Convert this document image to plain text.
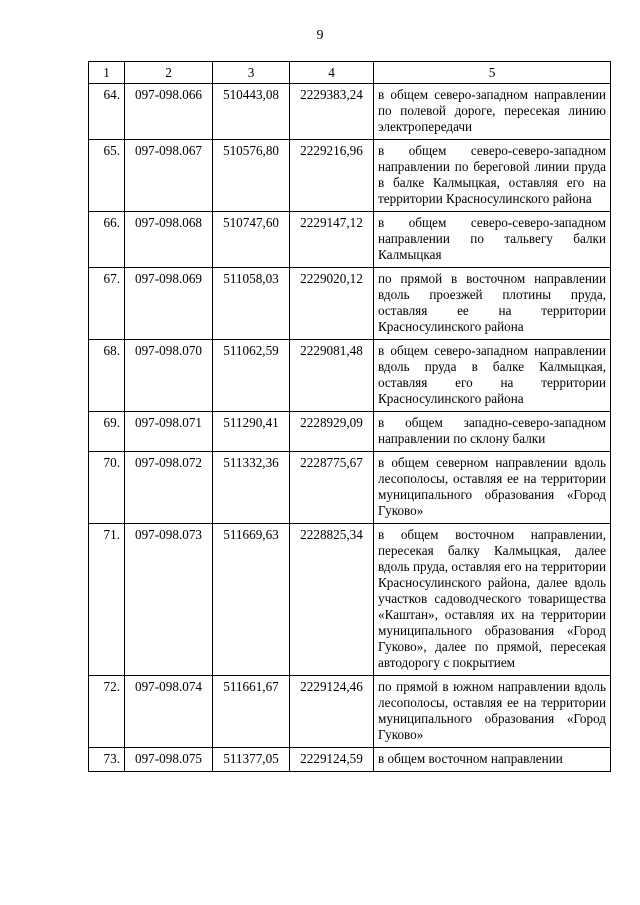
9
1	2	3	4	5
64.	097-098.066	510443,08	2229383,24	в общем северо-западном направлении по полевой дороге, пересекая линию электропередачи
65.	097-098.067	510576,80	2229216,96	в общем северо-северо-западном направлении по береговой линии пруда в балке Калмыцкая, оставляя его на территории Красносулинского района
66.	097-098.068	510747,60	2229147,12	в общем северо-северо-западном направлении по тальвегу балки Калмыцкая
67.	097-098.069	511058,03	2229020,12	по прямой в восточном направлении вдоль проезжей плотины пруда, оставляя ее на территории Красносулинского района
68.	097-098.070	511062,59	2229081,48	в общем северо-западном направлении вдоль пруда в балке Калмыцкая, оставляя его на территории Красносулинского района
69.	097-098.071	511290,41	2228929,09	в общем западно-северо-западном направлении по склону балки
70.	097-098.072	511332,36	2228775,67	в общем северном направлении вдоль лесополосы, оставляя ее на территории муниципального образования «Город Гуково»
71.	097-098.073	511669,63	2228825,34	в общем восточном направлении, пересекая балку Калмыцкая, далее вдоль пруда, оставляя его на территории Красносулинского района, далее вдоль участков садоводческого товарищества «Каштан», оставляя их на территории муниципального образования «Город Гуково», далее по прямой, пересекая автодорогу с покрытием
72.	097-098.074	511661,67	2229124,46	по прямой в южном направлении вдоль лесополосы, оставляя ее на территории муниципального образования «Город Гуково»
73.	097-098.075	511377,05	2229124,59	в общем восточном направлении
